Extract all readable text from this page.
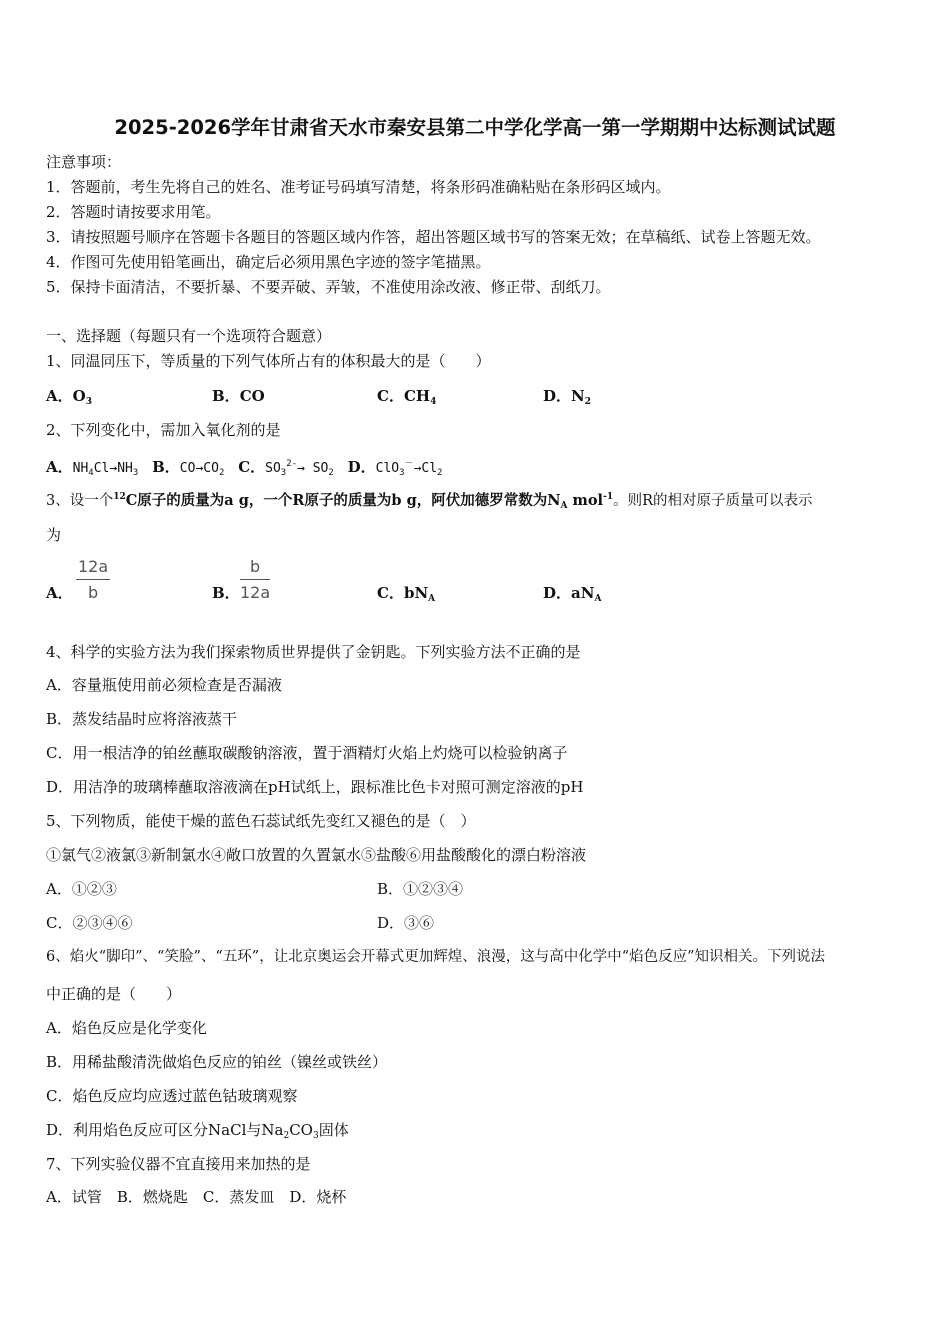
2025-2026学年甘肃省天水市秦安县第二中学化学高一第一学期期中达标测试试题
注意事项：
1．答题前，考生先将自己的姓名、准考证号码填写清楚，将条形码准确粘贴在条形码区域内。
2．答题时请按要求用笔。
3．请按照题号顺序在答题卡各题目的答题区域内作答，超出答题区域书写的答案无效；在草稿纸、试卷上答题无效。
4．作图可先使用铅笔画出，确定后必须用黑色字迹的签字笔描黑。
5．保持卡面清洁，不要折暴、不要弄破、弄皱，不准使用涂改液、修正带、刮纸刀。
一、选择题（每题只有一个选项符合题意）
1、同温同压下，等质量的下列气体所占有的体积最大的是（　　）
A．$O_3$	B．CO	C．$CH_4$	D．$N_2$
2、下列变化中，需加入氧化剂的是
A．$NH_4Cl\to NH_3$ B．$CO\to CO_2$ C．$SO_3^{2-}\to SO_2$ D．$ClO_3^-\to Cl_2$
3、设一个$^{12}$C原子的质量为a g，一个R原子的质量为b g，阿伏加德罗常数为$N_A$ mol$^{-1}$。则R的相对原子质量可以表示
为
A． $\frac{12a}{b}$	B． $\frac{b}{12a}$	C．$bN_A$	D．$aN_A$
4、科学的实验方法为我们探索物质世界提供了金钥匙。下列实验方法不正确的是
A．容量瓶使用前必须检查是否漏液
B．蒸发结晶时应将溶液蒸干
C．用一根洁净的铂丝蘸取碳酸钠溶液，置于酒精灯火焰上灼烧可以检验钠离子
D．用洁净的玻璃棒蘸取溶液滴在pH试纸上，跟标准比色卡对照可测定溶液的pH
5、下列物质，能使干燥的蓝色石蕊试纸先变红又褪色的是（　）
①氯气②液氯③新制氯水④敞口放置的久置氯水⑤盐酸⑥用盐酸酸化的漂白粉溶液
A．①②③	B．①②③④
C．②③④⑥	D．③⑥
6、焰火“脚印”、“笑脸”、“五环”，让北京奥运会开幕式更加辉煌、浪漫，这与高中化学中“焰色反应”知识相关。下列说法
中正确的是（　　）
A．焰色反应是化学变化
B．用稀盐酸清洗做焰色反应的铂丝（镍丝或铁丝）
C．焰色反应均应透过蓝色钴玻璃观察
D．利用焰色反应可区分NaCl与$Na_2CO_3$固体
7、下列实验仪器不宜直接用来加热的是
A．试管　B．燃烧匙　C．蒸发皿　D．烧杯
